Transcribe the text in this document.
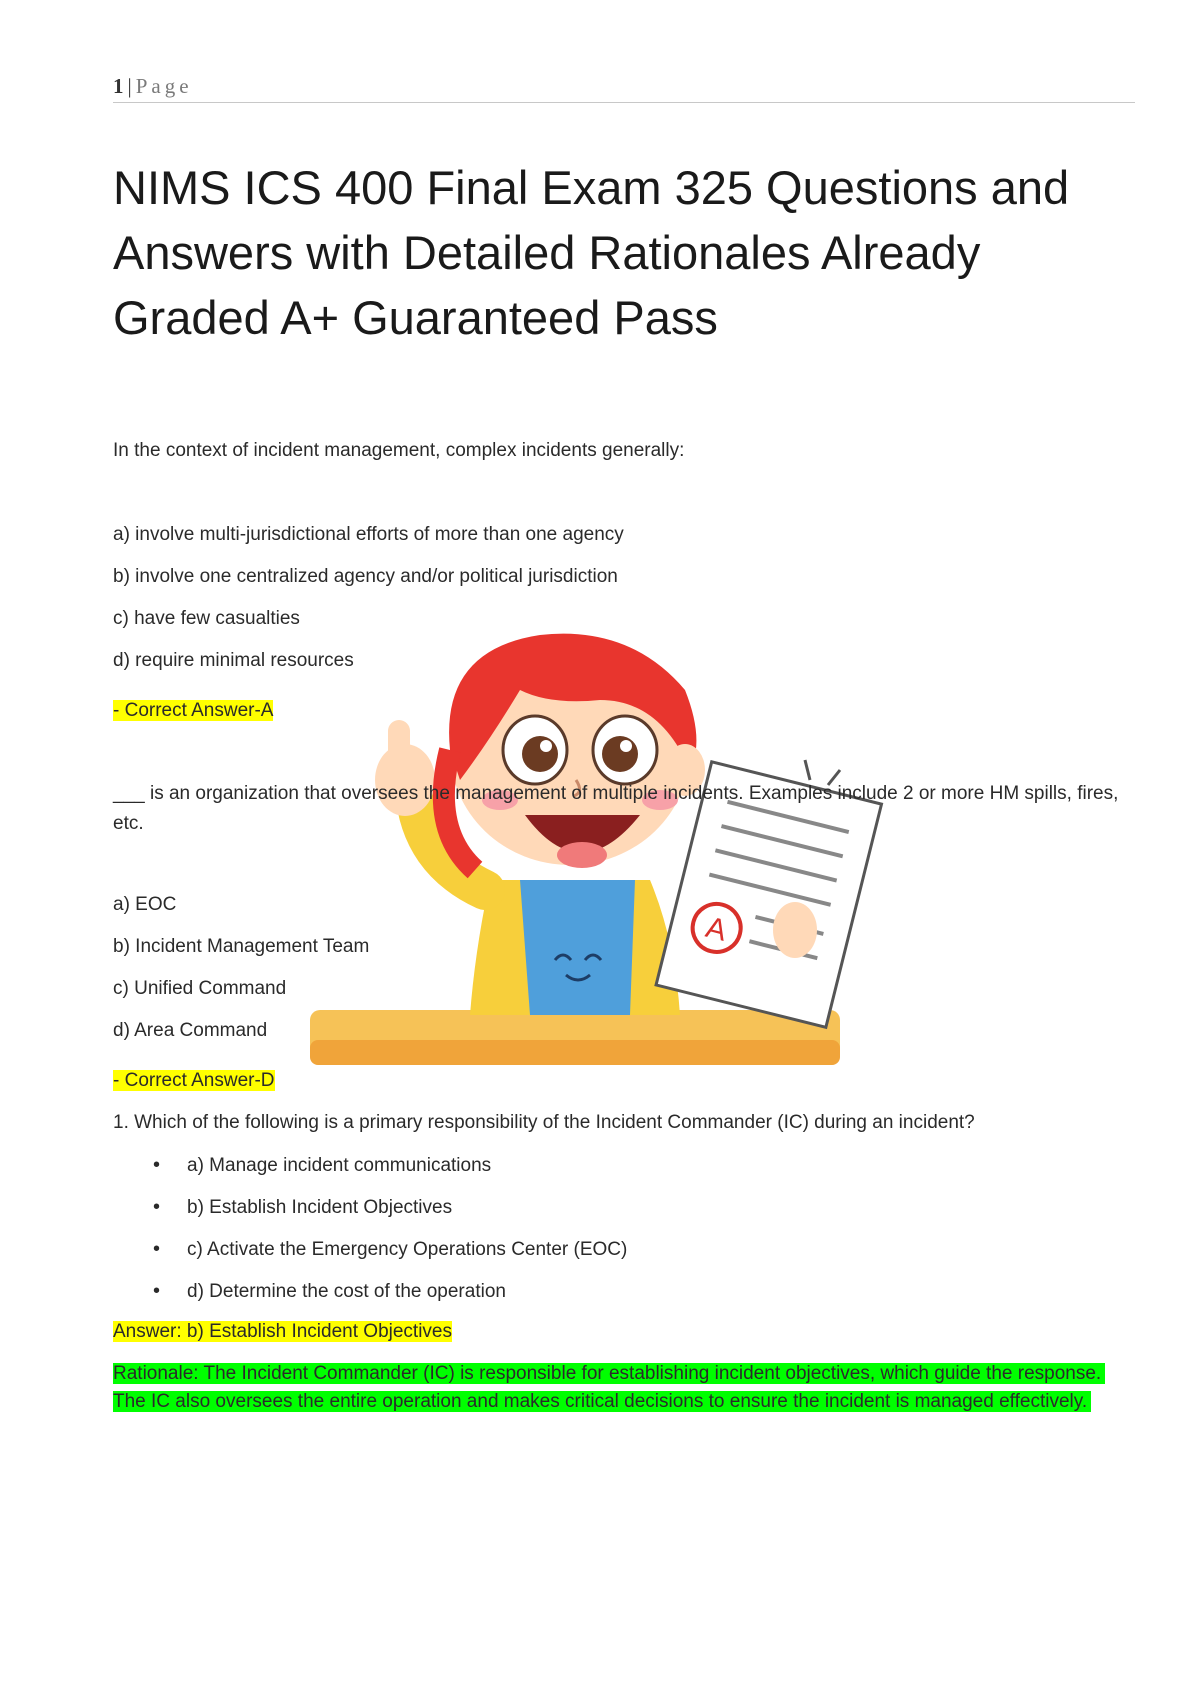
1 | Page
NIMS ICS 400 Final Exam 325 Questions and Answers with Detailed Rationales Already Graded A+ Guaranteed Pass
A
In the context of incident management, complex incidents generally:
a) involve multi-jurisdictional efforts of more than one agency
b) involve one centralized agency and/or political jurisdiction
c) have few casualties
d) require minimal resources
- Correct Answer-A
___ is an organization that oversees the management of multiple incidents. Examples include 2 or more HM spills, fires, etc.
a) EOC
b) Incident Management Team
c) Unified Command
d) Area Command
- Correct Answer-D
1. Which of the following is a primary responsibility of the Incident Commander (IC) during an incident?
• a) Manage incident communications
• b) Establish Incident Objectives
• c) Activate the Emergency Operations Center (EOC)
• d) Determine the cost of the operation
Answer: b) Establish Incident Objectives
Rationale: The Incident Commander (IC) is responsible for establishing incident objectives, which guide the response. The IC also oversees the entire operation and makes critical decisions to ensure the incident is managed effectively.
